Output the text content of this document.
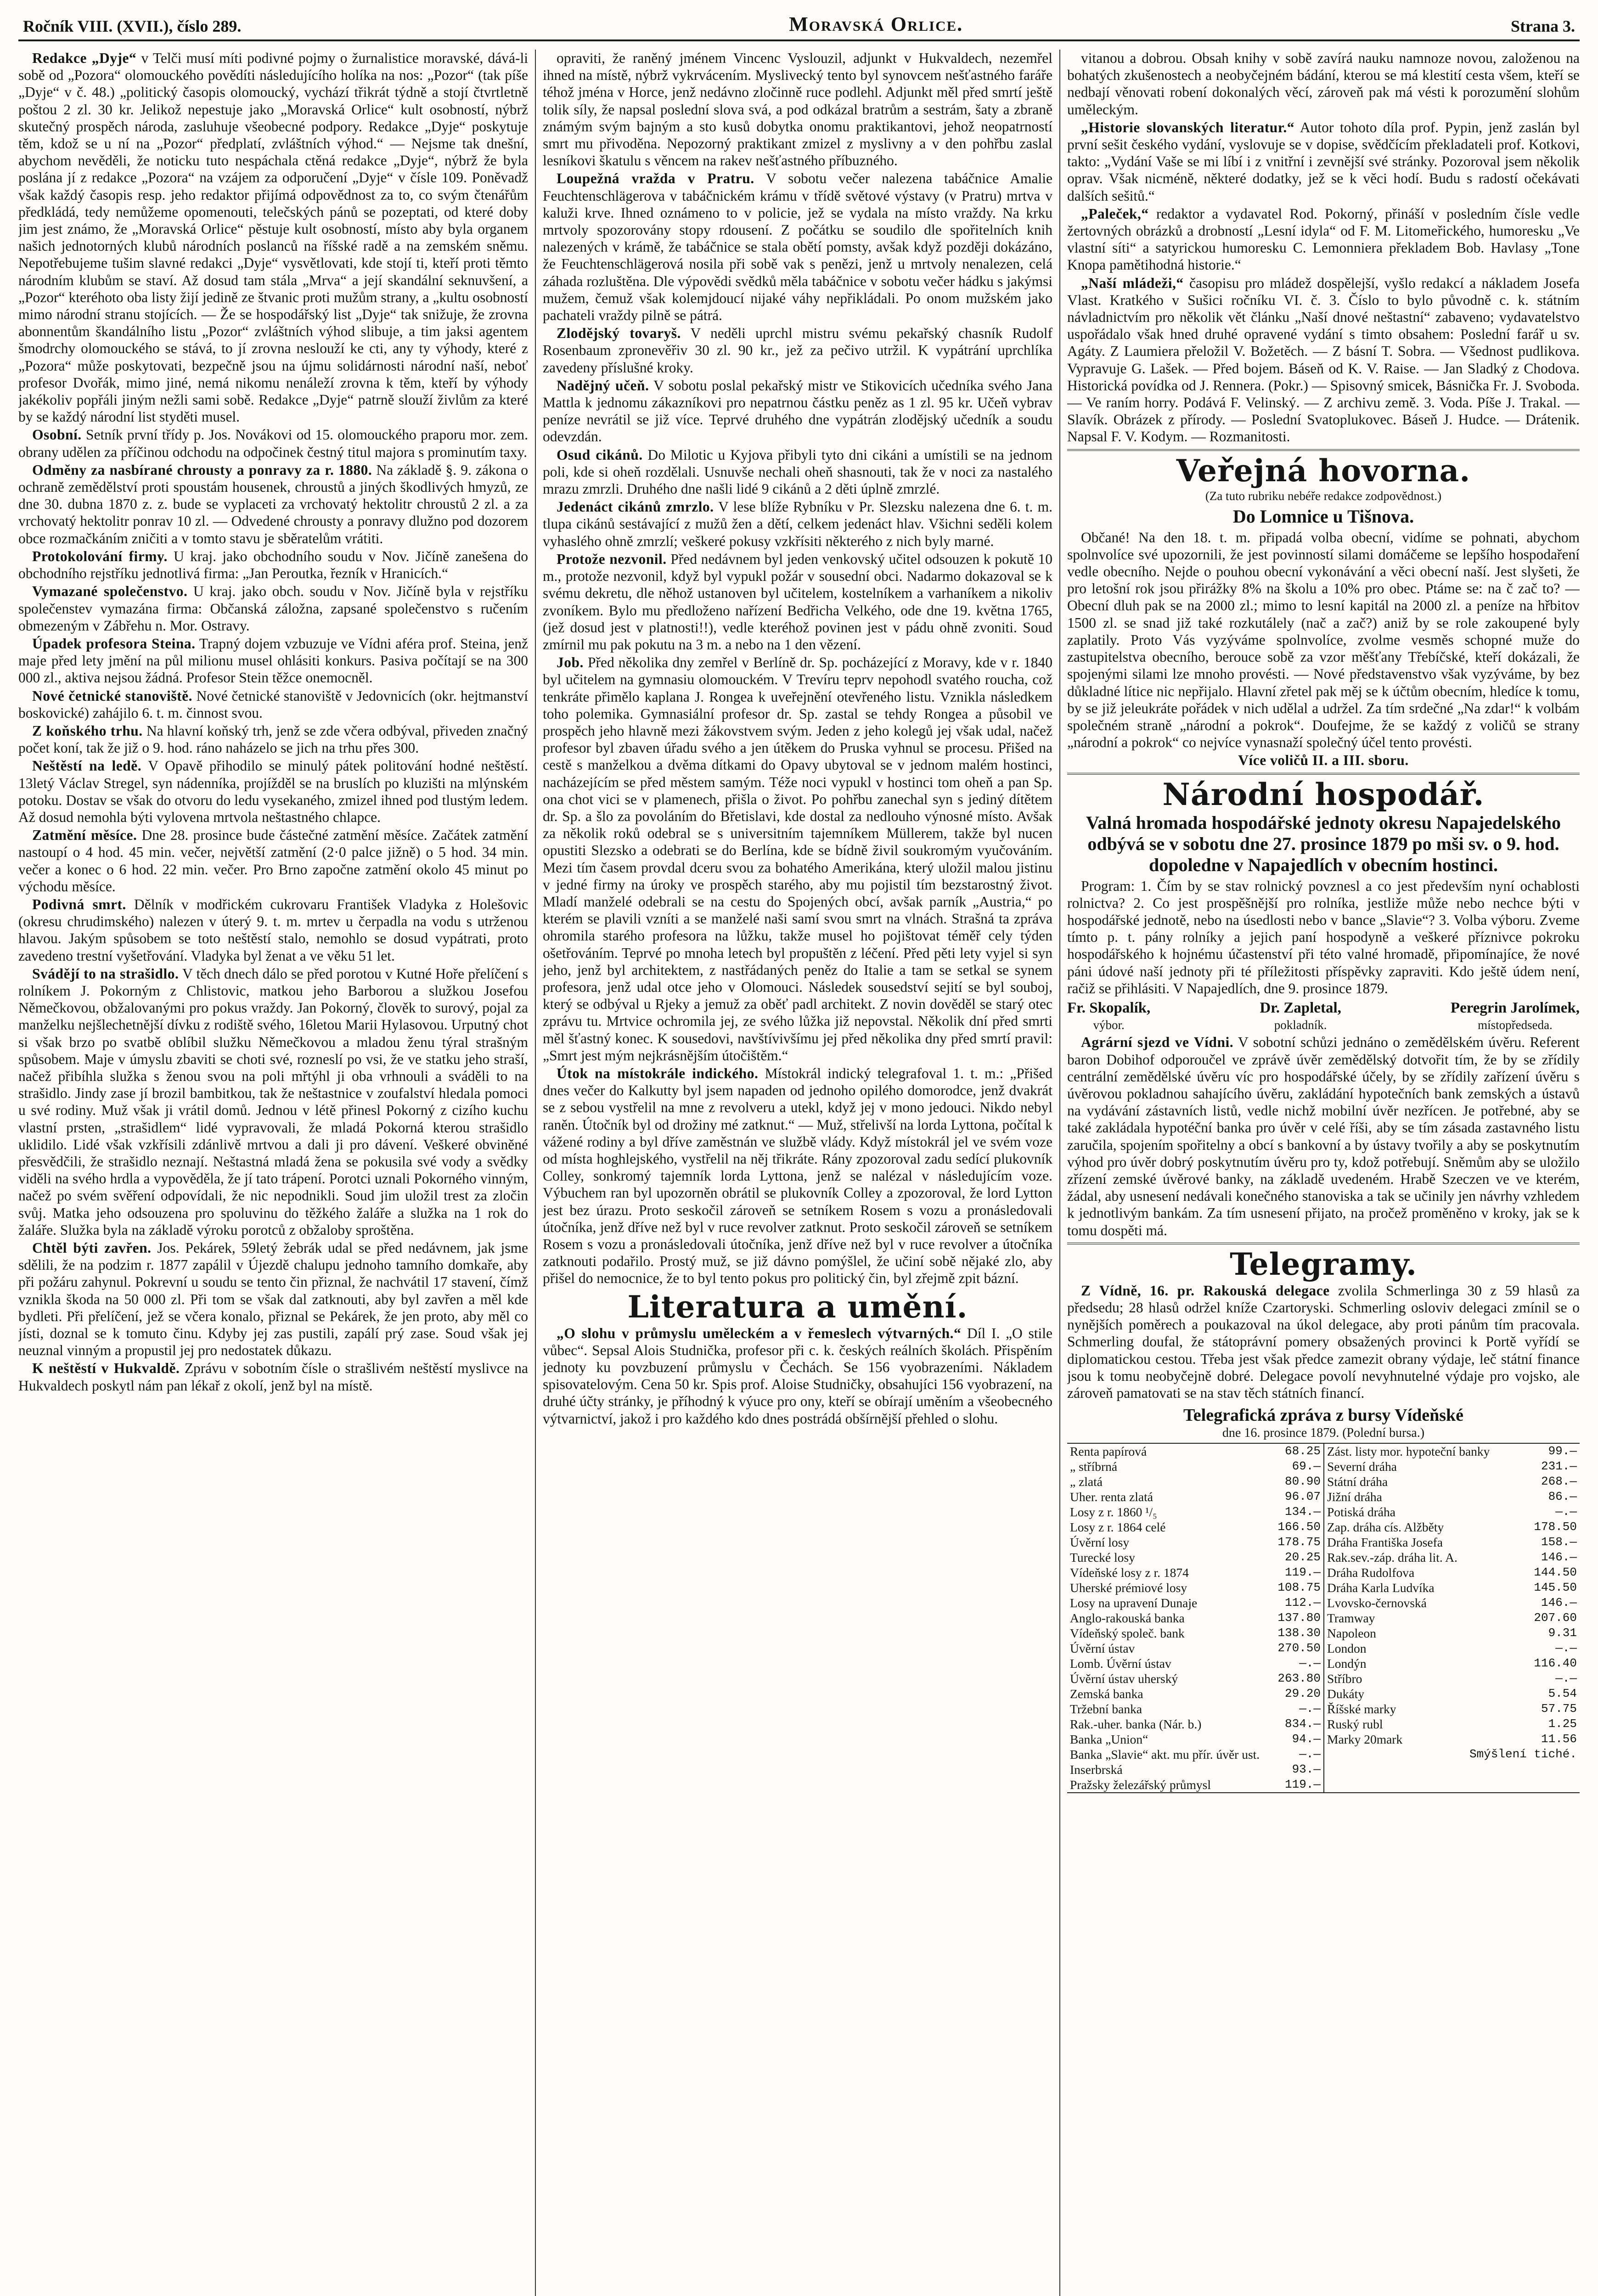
Ročník VIII. (XVII.), číslo 289.	Moravská Orlice.	Strana 3.

Redakce „Dyje“ v Telči musí míti podivné pojmy o žurnalistice moravské, dává-li sobě od „Pozora“ olomouckého povědíti následujícího holíka na nos: „Pozor“ (tak píše „Dyje“ v č. 48.) „politický časopis olomoucký, vychází třikrát týdně a stojí čtvrtletně poštou 2 zl. 30 kr. Jelikož nepestuje jako „Moravská Orlice“ kult osobností, nýbrž skutečný prospěch národa, zasluhuje všeobecné podpory. Redakce „Dyje“ poskytuje těm, kdož se u ní na „Pozor“ předplatí, zvláštních výhod.“ — Nejsme tak dnešní, abychom nevěděli, že noticku tuto nespáchala ctěná redakce „Dyje“, nýbrž že byla poslána jí z redakce „Pozora“ na vzájem za odporučení „Dyje“ v čísle 109. Poněvadž však každý časopis resp. jeho redaktor přijímá odpovědnost za to, co svým čtenářům předkládá, tedy nemůžeme opomenouti, telečských pánů se pozeptati, od které doby jim jest známo, že „Moravská Orlice“ pěstuje kult osobností, místo aby byla organem našich jednotorných klubů národních poslanců na říšské radě a na zemském sněmu. Nepotřebujeme tušim slavné redakci „Dyje“ vysvětlovati, kde stojí ti, kteří proti těmto národním klubům se staví. Až dosud tam stála „Mrva“ a její skandální seknuvšení, a „Pozor“ kteréhoto oba listy žijí jedině ze štvanic proti mužům strany, a „kultu osobností mimo národní stranu stojících. — Že se hospodářský list „Dyje“ tak snižuje, že zrovna abonnentům škandálního listu „Pozor“ zvláštních výhod slibuje, a tim jaksi agentem šmodrchy olomouckého se stává, to jí zrovna neslouží ke cti, any ty výhody, které z „Pozora“ může poskytovati, bezpečně jsou na újmu solidárnosti národní naší, neboť profesor Dvořák, mimo jiné, nemá nikomu nenáleží zrovna k těm, kteří by výhody jakékoliv popřáli jiným nežli sami sobě. Redakce „Dyje“ patrně slouží živlům za které by se každý národní list styděti musel.

Osobní. Setník první třídy p. Jos. Novákovi od 15. olomouckého praporu mor. zem. obrany udělen za příčinou odchodu na odpočinek čestný titul majora s prominutím taxy.

Odměny za nasbírané chrousty a ponravy za r. 1880. Na základě §. 9. zákona o ochraně zemědělství proti spoustám housenek, chroustů a jiných škodlivých hmyzů, ze dne 30. dubna 1870 z. z. bude se vyplaceti za vrchovatý hektolitr chroustů 2 zl. a za vrchovatý hektolitr ponrav 10 zl. — Odvedené chrousty a ponravy dlužno pod dozorem obce rozmačkáním zničiti a v tomto stavu je sběratelům vrátiti.

Protokolování firmy. U kraj. jako obchodního soudu v Nov. Jičíně zanešena do obchodního rejstříku jednotlivá firma: „Jan Peroutka, řezník v Hranicích.“

Vymazané společenstvo. U kraj. jako obch. soudu v Nov. Jičíně byla v rejstříku společenstev vymazána firma: Občanská záložna, zapsané společenstvo s ručením obmezeným v Zábřehu n. Mor. Ostravy.

Úpadek profesora Steina. Trapný dojem vzbuzuje ve Vídni aféra prof. Steina, jenž maje před lety jmění na půl milionu musel ohlásiti konkurs. Pasiva počítají se na 300 000 zl., aktiva nejsou žádná. Profesor Stein těžce onemocněl.

Nové četnické stanoviště. Nové četnické stanoviště v Jedovnicích (okr. hejtmanství boskovické) zahájilo 6. t. m. činnost svou.

Z koňského trhu. Na hlavní koňský trh, jenž se zde včera odbýval, přiveden značný počet koní, tak že již o 9. hod. ráno naházelo se jich na trhu přes 300.

Neštěstí na ledě. V Opavě přihodilo se minulý pátek politování hodné neštěstí. 13letý Václav Stregel, syn nádenníka, projížděl se na bruslích po kluzišti na mlýnském potoku. Dostav se však do otvoru do ledu vysekaného, zmizel ihned pod tlustým ledem. Až dosud nemohla býti vylovena mrtvola neštastného chlapce.

Zatmění měsíce. Dne 28. prosince bude částečné zatmění měsíce. Začátek zatmění nastoupí o 4 hod. 45 min. večer, největší zatmění (2·0 palce jižně) o 5 hod. 34 min. večer a konec o 6 hod. 22 min. večer. Pro Brno započne zatmění okolo 45 minut po východu měsíce.

Podivná smrt. Dělník v modřickém cukrovaru František Vladyka z Holešovic (okresu chrudimského) nalezen v úterý 9. t. m. mrtev u čerpadla na vodu s utrženou hlavou. Jakým spůsobem se toto neštěstí stalo, nemohlo se dosud vypátrati, proto zavedeno trestní vyšetřování. Vladyka byl ženat a ve věku 51 let.

Svádějí to na strašidlo. V těch dnech dálo se před porotou v Kutné Hoře přelíčení s rolníkem J. Pokorným z Chlistovic, matkou jeho Barborou a služkou Josefou Němečkovou, obžalovanými pro pokus vraždy. Jan Pokorný, člověk to surový, pojal za manželku nejšlechetnější dívku z rodiště svého, 16letou Marii Hylasovou. Urputný chot si však brzo po svatbě oblíbil služku Němečkovou a mladou ženu týral strašným spůsobem. Maje v úmyslu zbaviti se choti své, rozneslí po vsi, že ve statku jeho straší, načež přibíhla služka s ženou svou na poli mřtýhl ji oba vrhnouli a sváděli to na strašidlo. Jindy zase jí brozil bambitkou, tak že neštastnice v zoufalství hledala pomoci u své rodiny. Muž však ji vrátil domů. Jednou v létě přinesl Pokorný z cizího kuchu vlastní prsten, „strašidlem“ lidé vypravovali, že mladá Pokorná kterou strašidlo uklidilo. Lidé však vzkřísili zdánlivě mrtvou a dali ji pro dávení. Veškeré obviněné přesvědčili, že strašidlo neznají. Neštastná mladá žena se pokusila své vody a svědky viděli na svého hrdla a vypověděla, že jí tato trápení. Porotci uznali Pokorného vinným, načež po svém svěření odpovídali, že nic nepodnikli. Soud jim uložil trest za zločin svůj. Matka jeho odsouzena pro spoluvinu do těžkého žaláře a služka na 1 rok do žaláře. Služka byla na základě výroku porotců z obžaloby sproštěna.

Chtěl býti zavřen. Jos. Pekárek, 59letý žebrák udal se před nedávnem, jak jsme sdělili, že na podzim r. 1877 zapálil v Újezdě chalupu jednoho tamního domkaře, aby při požáru zahynul. Pokrevní u soudu se tento čin přiznal, že nachvátil 17 stavení, čímž vznikla škoda na 50 000 zl. Při tom se však dal zatknouti, aby byl zavřen a měl kde bydleti. Při přelíčení, jež se včera konalo, přiznal se Pekárek, že jen proto, aby měl co jísti, doznal se k tomuto činu. Kdyby jej zas pustili, zapálí prý zase. Soud však jej neuznal vinným a propustil jej pro nedostatek důkazu.

K neštěstí v Hukvaldě. Zprávu v sobotním čísle o strašlivém neštěstí myslivce na Hukvaldech poskytl nám pan lékař z okolí, jenž byl na místě.

opraviti, že raněný jménem Vincenc Vyslouzil, adjunkt v Hukvaldech, nezemřel ihned na místě, nýbrž vykrvácením. Myslivecký tento byl synovcem nešťastného faráře téhož jména v Horce, jenž nedávno zločinně ruce podlehl. Adjunkt měl před smrtí ještě tolik síly, že napsal poslední slova svá, a pod odkázal bratrům a sestrám, šaty a zbraně známým svým bajným a sto kusů dobytka onomu praktikantovi, jehož neopatrností smrt mu přivoděna. Nepozorný praktikant zmizel z myslivny a v den pohřbu zaslal lesníkovi škatulu s věncem na rakev nešťastného příbuzného.

Loupežná vražda v Pratru. V sobotu večer nalezena tabáčnice Amalie Feuchtenschlägerova v tabáčnickém krámu v třídě světové výstavy (v Pratru) mrtva v kaluži krve. Ihned oznámeno to v policie, jež se vydala na místo vraždy. Na krku mrtvoly spozorovány stopy rdousení. Z počátku se soudilo dle spořitelních knih nalezených v krámě, že tabáčnice se stala obětí pomsty, avšak když později dokázáno, že Feuchtenschlägerová nosila při sobě vak s penězi, jenž u mrtvoly nenalezen, celá záhada rozluštěna. Dle výpovědi svědků měla tabáčnice v sobotu večer hádku s jakýmsi mužem, čemuž však kolemjdoucí nijaké váhy nepřikládali. Po onom mužském jako pachateli vraždy pilně se pátrá.

Zlodějský tovaryš. V neděli uprchl mistru svému pekařský chasník Rudolf Rosenbaum zpronevěřiv 30 zl. 90 kr., jež za pečivo utržil. K vypátrání uprchlíka zavedeny příslušné kroky.

Nadějný učeň. V sobotu poslal pekařský mistr ve Stikovicích učedníka svého Jana Mattla k jednomu zákazníkovi pro nepatrnou částku peněz as 1 zl. 95 kr. Učeň vybrav peníze nevrátil se již více. Teprvé druhého dne vypátrán zlodějský učedník a soudu odevzdán.

Osud cikánů. Do Milotic u Kyjova přibyli tyto dni cikáni a umístili se na jednom poli, kde si oheň rozdělali. Usnuvše nechali oheň shasnouti, tak že v noci za nastalého mrazu zmrzli. Druhého dne našli lidé 9 cikánů a 2 děti úplně zmrzlé.

Jedenáct cikánů zmrzlo. V lese blíže Rybníku v Pr. Slezsku nalezena dne 6. t. m. tlupa cikánů sestávající z mužů žen a dětí, celkem jedenáct hlav. Všichni seděli kolem vyhaslého ohně zmrzlí; veškeré pokusy vzkřísiti některého z nich byly marné.

Protože nezvonil. Před nedávnem byl jeden venkovský učitel odsouzen k pokutě 10 m., protože nezvonil, když byl vypukl požár v sousední obci. Nadarmo dokazoval se k svému dekretu, dle něhož ustanoven byl učitelem, kostelníkem a varhaníkem a nikoliv zvoníkem. Bylo mu předloženo nařízení Bedřicha Velkého, ode dne 19. května 1765, (jež dosud jest v platnosti!!), vedle kteréhož povinen jest v pádu ohně zvoniti. Soud zmírnil mu pak pokutu na 3 m. a nebo na 1 den vězení.

Job. Před několika dny zemřel v Berlíně dr. Sp. pocházející z Moravy, kde v r. 1840 byl učitelem na gymnasiu olomouckém. V Trevíru teprv nepohodl svatého roucha, což tenkráte přimělo kaplana J. Rongea k uveřejnění otevřeného listu. Vznikla následkem toho polemika. Gymnasiální profesor dr. Sp. zastal se tehdy Rongea a působil ve prospěch jeho hlavně mezi žákovstvem svým. Jeden z jeho kolegů jej však udal, načež profesor byl zbaven úřadu svého a jen útěkem do Pruska vyhnul se procesu. Přišed na cestě s manželkou a dvěma dítkami do Opavy ubytoval se v jednom malém hostinci, nacházejícím se před městem samým. Téže noci vypukl v hostinci tom oheň a pan Sp. ona chot vici se v plamenech, přišla o život. Po pohřbu zanechal syn s jediný dítětem dr. Sp. a šlo za povoláním do Břetislavi, kde dostal za nedlouho výnosné místo. Avšak za několik roků odebral se s universitním tajemníkem Müllerem, takže byl nucen opustiti Slezsko a odebrati se do Berlína, kde se bídně živil soukromým vyučováním. Mezi tím časem provdal dceru svou za bohatého Amerikána, který uložil malou jistinu v jedné firmy na úroky ve prospěch starého, aby mu pojistil tím bezstarostný život. Mladí manželé odebrali se na cestu do Spojených obcí, avšak parník „Austria,“ po kterém se plavili vzníti a se manželé naši samí svou smrt na vlnách. Strašná ta zpráva ohromila starého profesora na lůžku, takže musel ho pojištovat téměř cely týden ošetřováním. Teprvé po mnoha letech byl propuštěn z léčení. Před pěti lety vyjel si syn jeho, jenž byl architektem, z nastřádaných peněz do Italie a tam se setkal se synem profesora, jenž udal otce jeho v Olomouci. Následek sousedství sejití se byl souboj, který se odbýval u Rjeky a jemuž za oběť padl architekt. Z novin dověděl se starý otec zprávu tu. Mrtvice ochromila jej, ze svého lůžka již nepovstal. Několik dní před smrti měl šťastný konec. K sousedovi, navštívivšímu jej před několika dny před smrtí pravil: „Smrt jest mým nejkrásnějším útočištěm.“

Útok na místokrále indického. Místokrál indický telegrafoval 1. t. m.: „Přišed dnes večer do Kalkutty byl jsem napaden od jednoho opilého domorodce, jenž dvakrát se z sebou vystřelil na mne z revolveru a utekl, když jej v mono jedouci. Nikdo nebyl raněn. Útočník byl od drožiny mé zatknut.“ — Muž, střelivší na lorda Lyttona, počítal k vážené rodiny a byl dříve zaměstnán ve službě vlády. Když místokrál jel ve svém voze od místa hoghlejského, vystřelil na něj třikráte. Rány zpozoroval zadu sedící plukovník Colley, sonkromý tajemník lorda Lyttona, jenž se nalézal v následujícím voze. Výbuchem ran byl upozorněn obrátil se plukovník Colley a zpozoroval, že lord Lytton jest bez úrazu. Proto seskočil zároveň se setníkem Rosem s vozu a pronásledovali útočníka, jenž dříve než byl v ruce revolver zatknut. Proto seskočil zároveň se setníkem Rosem s vozu a pronásledovali útočníka, jenž dříve než byl v ruce revolver a útočníka zatknouti podařilo. Prostý muž, se již dávno pomýšlel, že učiní sobě nějaké zlo, aby přišel do nemocnice, že to byl tento pokus pro politický čin, byl zřejmě zpit bázní.

Literatura a umění.

„O slohu v průmyslu uměleckém a v řemeslech výtvarných.“ Díl I. „O stile vůbec“. Sepsal Alois Studnička, profesor při c. k. českých reálních školách. Přispěním jednoty ku povzbuzení průmyslu v Čechách. Se 156 vyobrazeními. Nákladem spisovatelovým. Cena 50 kr. Spis prof. Aloise Studničky, obsahujíci 156 vyobrazení, na druhé účty stránky, je příhodný k výuce pro ony, kteří se obírají uměním a všeobecného výtvarnictví, jakož i pro každého kdo dnes postrádá obšírnější přehled o slohu.

vitanou a dobrou. Obsah knihy v sobě zavírá nauku namnoze novou, založenou na bohatých zkušenostech a neobyčejném bádání, kterou se má klestití cesta všem, kteří se nedbají věnovati robení dokonalých věcí, zároveň pak má vésti k porozumění slohům uměleckým.

„Historie slovanských literatur.“ Autor tohoto díla prof. Pypin, jenž zaslán byl první sešit českého vydání, vyslovuje se v dopise, svědčícím překladateli prof. Kotkovi, takto: „Vydání Vaše se mi líbí i z vnitřní i zevnější své stránky. Pozoroval jsem několik oprav. Však nicméně, některé dodatky, jež se k věci hodí. Budu s radostí očekávati dalších sešitů.“

„Paleček,“ redaktor a vydavatel Rod. Pokorný, přináší v posledním čísle vedle žertovných obrázků a drobností „Lesní idyla“ od F. M. Litomeřického, humoresku „Ve vlastní síti“ a satyrickou humoresku C. Lemonniera překladem Bob. Havlasy „Tone Knopa pamětihodná historie.“

„Naší mládeži,“ časopisu pro mládež dospělejší, vyšlo redakcí a nákladem Josefa Vlast. Kratkého v Sušici ročníku VI. č. 3. Číslo to bylo původně c. k. státním návladnictvím pro několik vět článku „Naší dnové neštastní“ zabaveno; vydavatelstvo uspořádalo však hned druhé opravené vydání s timto obsahem: Poslední farář u sv. Agáty. Z Laumiera přeložil V. Božetěch. — Z básní T. Sobra. — Všednost pudlikova. Vypravuje G. Lašek. — Před bojem. Báseň od K. V. Raise. — Jan Sladký z Chodova. Historická povídka od J. Rennera. (Pokr.) — Spisovný smicek, Básnička Fr. J. Svoboda. — Ve raním horry. Podává F. Velinský. — Z archivu země. 3. Voda. Píše J. Trakal. — Slavík. Obrázek z přírody. — Poslední Svatoplukovec. Báseň J. Hudce. — Drátenik. Napsal F. V. Kodym. — Rozmanitosti.

Veřejná hovorna.
(Za tuto rubriku nebéře redakce zodpovědnost.)
Do Lomnice u Tišnova.

Občané! Na den 18. t. m. připadá volba obecní, vidíme se pohnati, abychom spolnvolíce své upozornili, že jest povinností silami domáčeme se lepšího hospodaření vedle obecního. Nejde o pouhou obecní vykonávání a věci obecní naší. Jest slyšeti, že pro letošní rok jsou přirážky 8% na školu a 10% pro obec. Ptáme se: na č zač to? — Obecní dluh pak se na 2000 zl.; mimo to lesní kapitál na 2000 zl. a peníze na hřbitov 1500 zl. se snad již také rozkutálely (nač a zač?) aniž by se role zakoupené byly zaplatily. Proto Vás vyzýváme spolnvolíce, zvolme vesměs schopné muže do zastupitelstva obecního, berouce sobě za vzor měšťany Třebíčské, kteří dokázali, že spojenými silami lze mnoho provésti. — Nové představenstvo však vyzýváme, by bez důkladné lítice nic nepřijalo. Hlavní zřetel pak měj se k účtům obecním, hledíce k tomu, by se již jeleukráte pořádek v nich udělal a udržel. Za tím srdečné „Na zdar!“ k volbám společném straně „národní a pokrok“. Doufejme, že se každý z voličů se strany „národní a pokrok“ co nejvíce vynasnaží společný účel tento provésti.

Více voličů II. a III. sboru.
Národní hospodář.
Valná hromada hospodářské jednoty okresu Napajedelského odbývá se v sobotu dne 27. prosince 1879 po mši sv. o 9. hod. dopoledne v Napajedlích v obecním hostinci.

Program: 1. Čím by se stav rolnický povznesl a co jest především nyní ochablosti rolnictva? 2. Co jest prospěšnější pro rolníka, jestliže může nebo nechce býti v hospodářské jednotě, nebo na úsedlosti nebo v bance „Slavie“? 3. Volba výboru. Zveme tímto p. t. pány rolníky a jejich paní hospodyně a veškeré příznivce pokroku hospodářského k hojnému účastenství při této valné hromadě, připomínajíce, že nové páni údové naší jednoty při té příležitosti příspěvky zapraviti. Kdo ještě údem není, račiž se přihlásiti. V Napajedlích, dne 9. prosince 1879.

Fr. Skopalík,
výbor.
Dr. Zapletal,
pokladník.
Peregrin Jarolímek,
místopředseda.

Agrární sjezd ve Vídni. V sobotní schůzi jednáno o zemědělském úvěru. Referent baron Dobihof odporoučel ve zprávě úvěr zemědělský dotvořit tím, že by se zřídily centrální zemědělské úvěru víc pro hospodářské účely, by se zřídily zařízení úvěru s úvěrovou pokladnou sahajícího úvěru, zakládání hypotečních bank zemských a ústavů na vydávání zástavních listů, vedle nichž mobilní úvěr nezřícen. Je potřebné, aby se také zakládala hypotéční banka pro úvěr v celé říši, aby se tím zásada zastavného listu zaručila, spojením spořitelny a obcí s bankovní a by ústavy tvořily a aby se poskytnutím výhod pro úvěr dobrý poskytnutím úvěru pro ty, kdož potřebují. Sněmům aby se uložilo zřízení zemské úvěrové banky, na základě uvedeném. Hrabě Szeczen ve ve kterém, žádal, aby usnesení nedávali konečného stanoviska a tak se učinily jen návrhy vzhledem k jednotlivým bankám. Za tím usnesení přijato, na pročež proměněno v kroky, jak se k tomu dospěti má.

Telegramy.

Z Vídně, 16. pr. Rakouská delegace zvolila Schmerlinga 30 z 59 hlasů za předsedu; 28 hlasů održel kníže Czartoryski. Schmerling osloviv delegaci zmínil se o nynějších poměrech a poukazoval na úkol delegace, aby proti pánům tím pracovala. Schmerling doufal, že státoprávní pomery obsažených provinci k Portě vyřídí se diplomatickou cestou. Třeba jest však předce zamezit obrany výdaje, leč státní finance jsou k tomu neobyčejně dobré. Delegace povolí nevyhnutelné výdaje pro vojsko, ale zároveň pamatovati se na stav těch státních financí.

Telegrafická zpráva z bursy Vídeňské
dne 16. prosince 1879. (Polední bursa.)
Renta papírová	68.25
„ stříbrná	69.—
„ zlatá	80.90
Uher. renta zlatá	96.07
Losy z r. 1860 ¹/₅	134.—
Losy z r. 1864 celé	166.50
Úvěrní losy	178.75
Turecké losy	20.25
Vídeňské losy z r. 1874	119.—
Uherské prémiové losy	108.75
Losy na upravení Dunaje	112.—
Anglo-rakouská banka	137.80
Vídeňský společ. bank	138.30
Úvěrní ústav	270.50
Lomb. Úvěrní ústav	—.—
Úvěrní ústav uherský	263.80
Zemská banka	29.20
Tržební banka	—.—
Rak.-uher. banka (Nár. b.)	834.—
Banka „Union“	94.—
Banka „Slavie“ akt. mu přír. úvěr ust.	—.—
Inserbrská	93.—
Pražsky železářský průmysl	119.—
Zást. listy mor. hypoteční banky	99.—
Severní dráha	231.—
Státní dráha	268.—
Jižní dráha	86.—
Potiská dráha	—.—
Zap. dráha cís. Alžběty	178.50
Dráha Františka Josefa	158.—
Rak.sev.-záp. dráha lit. A.	146.—
Dráha Rudolfova	144.50
Dráha Karla Ludvíka	145.50
Lvovsko-černovská	146.—
Tramway	207.60
Napoleon	9.31
London	—.—
Londýn	116.40
Stříbro	—.—
Dukáty	5.54
Říšské marky	57.75
Ruský rubl	1.25
Marky 20mark	11.56
Smýšlení tiché.
